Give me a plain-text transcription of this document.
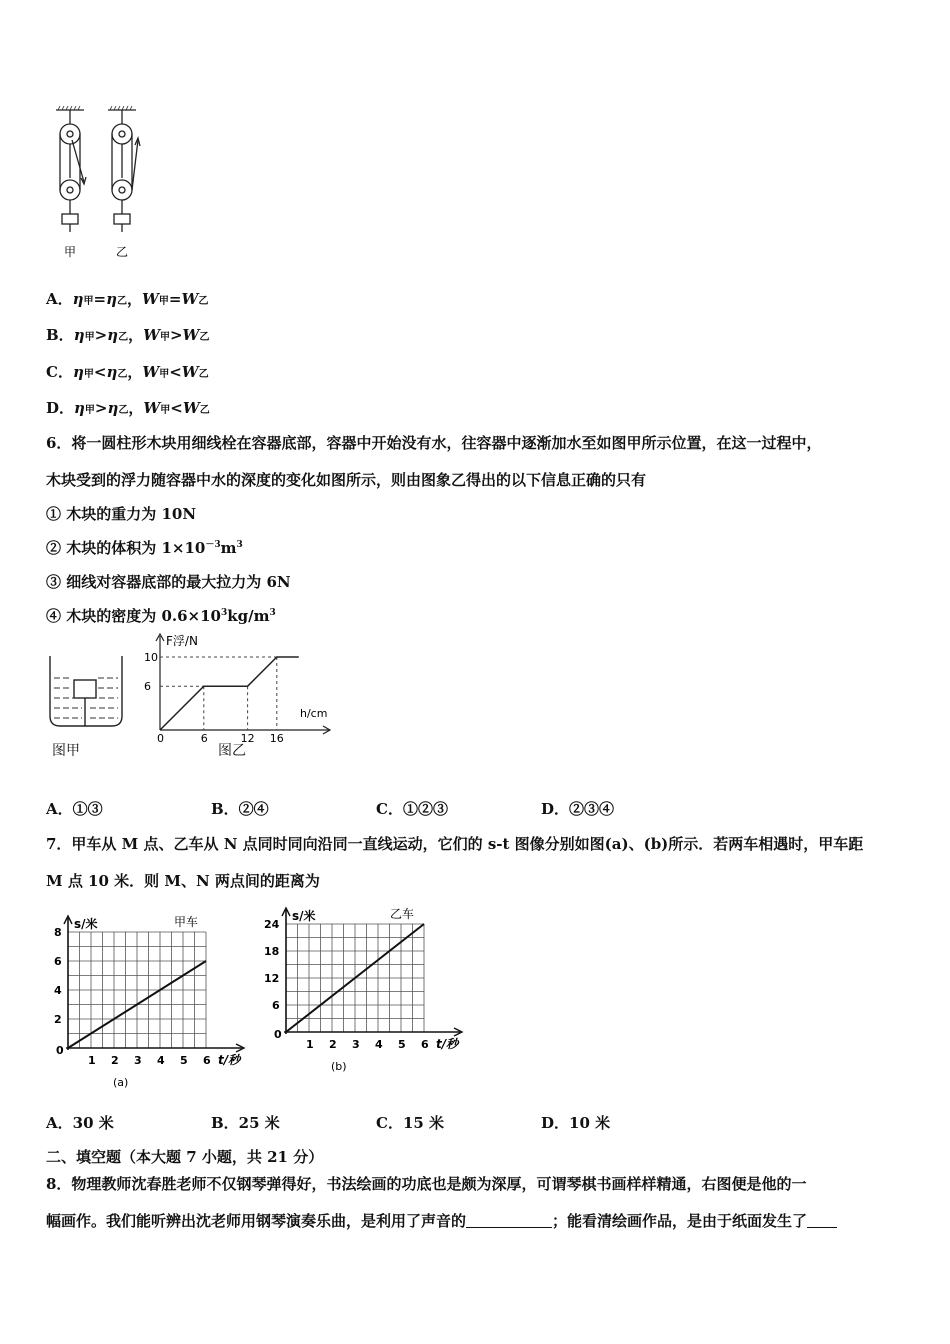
甲	乙
A．η甲=η乙，W甲=W乙
B．η甲>η乙，W甲>W乙
C．η甲<η乙，W甲<W乙
D．η甲>η乙，W甲<W乙
6．将一圆柱形木块用细线栓在容器底部，容器中开始没有水，往容器中逐渐加水至如图甲所示位置，在这一过程中，
木块受到的浮力随容器中水的深度的变化如图所示，则由图象乙得出的以下信息正确的只有
① 木块的重力为 10N
② 木块的体积为 $1\times 10^{-3}m^3$
③ 细线对容器底部的最大拉力为 6N
④ 木块的密度为 $0.6\times 10^3kg/m^3$
图甲
F浮/N
h/cm
6
10
0	6	12 16
图乙
A．①③	B．②④	C．①②③	D．②③④
7．甲车从 M 点、乙车从 N 点同时同向沿同一直线运动，它们的 s-t 图像分别如图(a)、(b)所示．若两车相遇时，甲车距
M 点 10 米．则 M、N 两点间的距离为
1 2 3 4 5 6
2
4
6
8
0
s/米
t/秒
甲车
(a)
1 2 3 4 5 6
6
12
18
24
0
s/米
t/秒
乙车
(b)
A．30 米	B．25 米	C．15 米	D．10 米
二、填空题（本大题 7 小题，共 21 分）
8．物理教师沈春胜老师不仅钢琴弹得好，书法绘画的功底也是颇为深厚，可谓琴棋书画样样精通，右图便是他的一
幅画作。我们能听辨出沈老师用钢琴演奏乐曲，是利用了声音的	；能看清绘画作品，是由于纸面发生了
